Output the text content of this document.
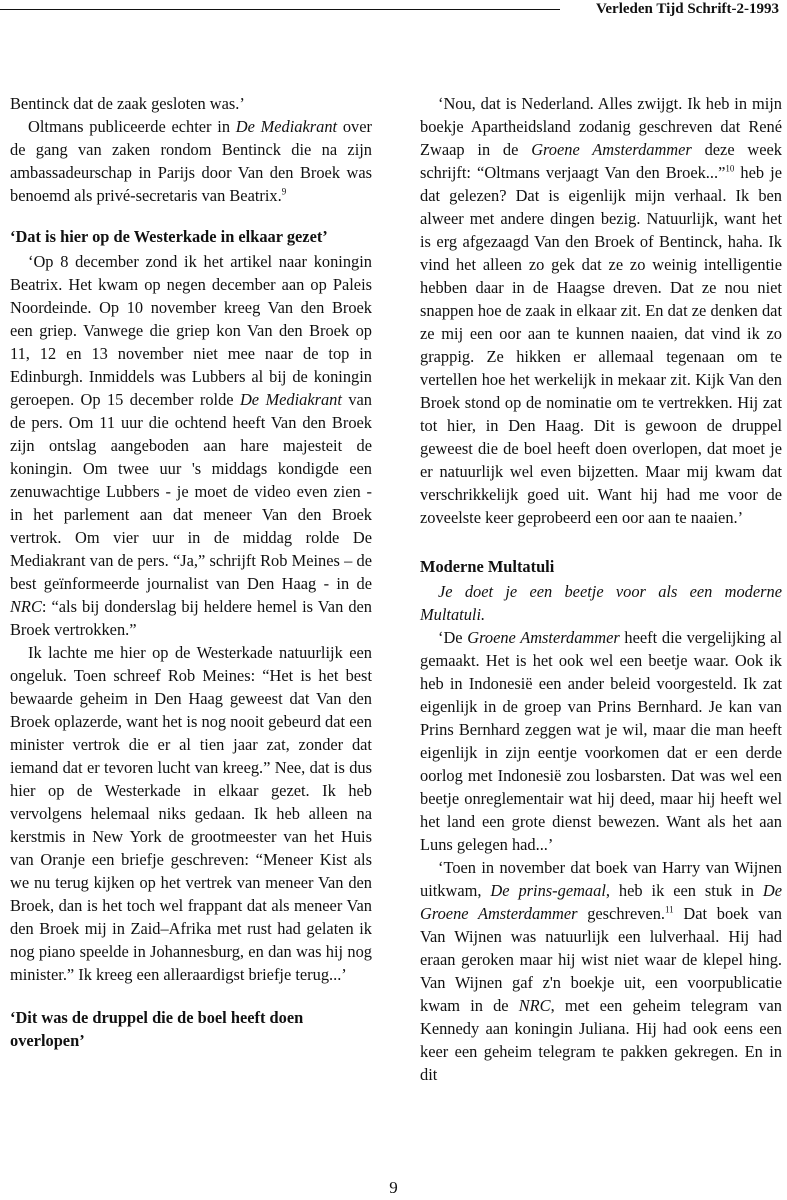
Verleden Tijd Schrift-2-1993

Bentinck dat de zaak gesloten was.’

Oltmans publiceerde echter in De Mediakrant over de gang van zaken rondom Bentinck die na zijn ambassadeurschap in Parijs door Van den Broek was benoemd als privé-secretaris van Beatrix.$^9$

‘Dat is hier op de Westerkade in elkaar gezet’

‘Op 8 december zond ik het artikel naar koningin Beatrix. Het kwam op negen december aan op Paleis Noordeinde. Op 10 november kreeg Van den Broek een griep. Vanwege die griep kon Van den Broek op 11, 12 en 13 november niet mee naar de top in Edinburgh. Inmiddels was Lubbers al bij de koningin geroepen. Op 15 december rolde De Mediakrant van de pers. Om 11 uur die ochtend heeft Van den Broek zijn ontslag aangeboden aan hare majesteit de koningin. Om twee uur 's middags kondigde een zenuwachtige Lubbers - je moet de video even zien - in het parlement aan dat meneer Van den Broek vertrok. Om vier uur in de middag rolde De Mediakrant van de pers. “Ja,” schrijft Rob Meines – de best geïnformeerde journalist van Den Haag - in de NRC: “als bij donderslag bij heldere hemel is Van den Broek vertrokken.”

Ik lachte me hier op de Westerkade natuurlijk een ongeluk. Toen schreef Rob Meines: “Het is het best bewaarde geheim in Den Haag geweest dat Van den Broek oplazerde, want het is nog nooit gebeurd dat een minister vertrok die er al tien jaar zat, zonder dat iemand dat er tevoren lucht van kreeg.” Nee, dat is dus hier op de Westerkade in elkaar gezet. Ik heb vervolgens helemaal niks gedaan. Ik heb alleen na kerstmis in New York de grootmeester van het Huis van Oranje een briefje geschreven: “Meneer Kist als we nu terug kijken op het vertrek van meneer Van den Broek, dan is het toch wel frappant dat als meneer Van den Broek mij in Zaid–Afrika met rust had gelaten ik nog piano speelde in Johannesburg, en dan was hij nog minister.” Ik kreeg een alleraardigst briefje terug...’

‘Dit was de druppel die de boel heeft doen overlopen’

‘Nou, dat is Nederland. Alles zwijgt. Ik heb in mijn boekje Apartheidsland zodanig geschreven dat René Zwaap in de Groene Amsterdammer deze week schrijft: “Oltmans verjaagt Van den Broek...”$^{10}$ heb je dat gelezen? Dat is eigenlijk mijn verhaal. Ik ben alweer met andere dingen bezig. Natuurlijk, want het is erg afgezaagd Van den Broek of Bentinck, haha. Ik vind het alleen zo gek dat ze zo weinig intelligentie hebben daar in de Haagse dreven. Dat ze nou niet snappen hoe de zaak in elkaar zit. En dat ze denken dat ze mij een oor aan te kunnen naaien, dat vind ik zo grappig. Ze hikken er allemaal tegenaan om te vertellen hoe het werkelijk in mekaar zit. Kijk Van den Broek stond op de nominatie om te vertrekken. Hij zat tot hier, in Den Haag. Dit is gewoon de druppel geweest die de boel heeft doen overlopen, dat moet je er natuurlijk wel even bijzetten. Maar mij kwam dat verschrikkelijk goed uit. Want hij had me voor de zoveelste keer geprobeerd een oor aan te naaien.’

Moderne Multatuli

Je doet je een beetje voor als een moderne Multatuli.

‘De Groene Amsterdammer heeft die vergelijking al gemaakt. Het is het ook wel een beetje waar. Ook ik heb in Indonesië een ander beleid voorgesteld. Ik zat eigenlijk in de groep van Prins Bernhard. Je kan van Prins Bernhard zeggen wat je wil, maar die man heeft eigenlijk in zijn eentje voorkomen dat er een derde oorlog met Indonesië zou losbarsten. Dat was wel een beetje onreglementair wat hij deed, maar hij heeft wel het land een grote dienst bewezen. Want als het aan Luns gelegen had...’

‘Toen in november dat boek van Harry van Wijnen uitkwam, De prins-gemaal, heb ik een stuk in De Groene Amsterdammer geschreven.$^{11}$ Dat boek van Van Wijnen was natuurlijk een lulverhaal. Hij had eraan geroken maar hij wist niet waar de klepel hing. Van Wijnen gaf z'n boekje uit, een voorpublicatie kwam in de NRC, met een geheim telegram van Kennedy aan koningin Juliana. Hij had ook eens een keer een geheim telegram te pakken gekregen. En in dit

9
